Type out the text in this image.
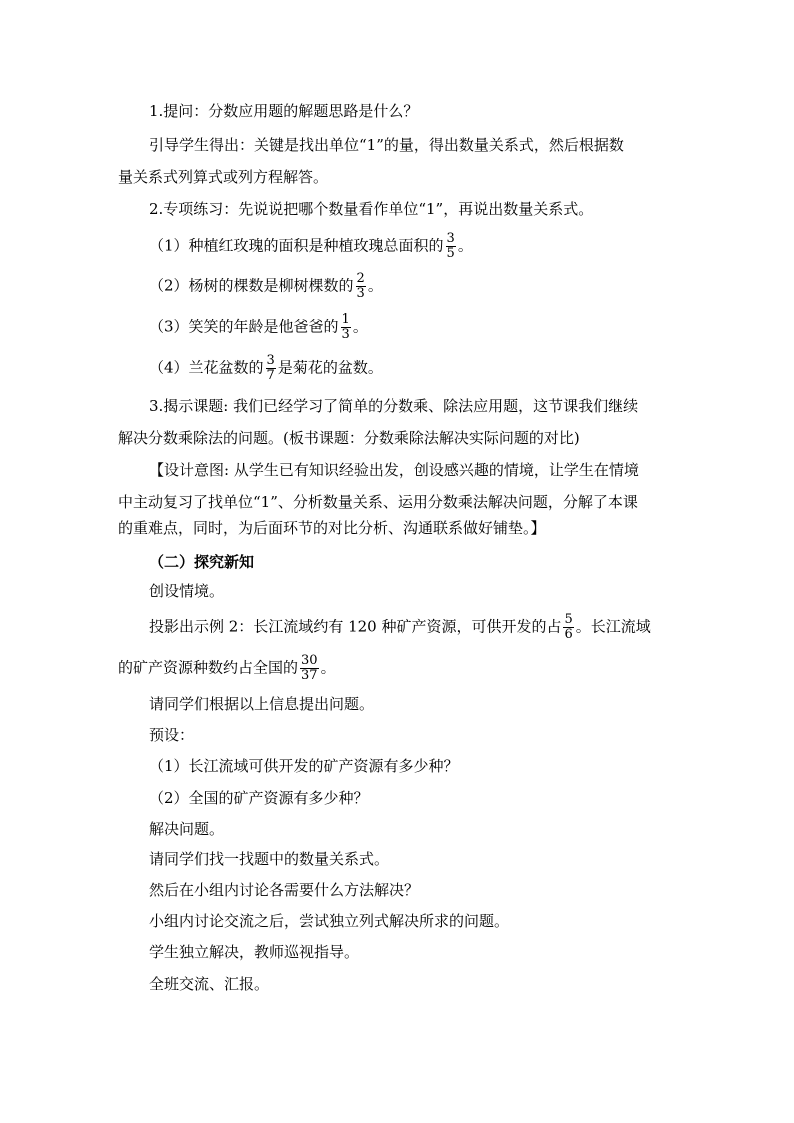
1.提问：分数应用题的解题思路是什么？
引导学生得出：关键是找出单位“1”的量，得出数量关系式，然后根据数
量关系式列算式或列方程解答。
2.专项练习：先说说把哪个数量看作单位“1”，再说出数量关系式。
（1）种植红玫瑰的面积是种植玫瑰总面积的 $\frac{3}{5}$ 。
（2）杨树的棵数是柳树棵数的 $\frac{2}{3}$ 。
（3）笑笑的年龄是他爸爸的 $\frac{1}{3}$ 。
（4）兰花盆数的 $\frac{3}{7}$ 是菊花的盆数。
3.揭示课题: 我们已经学习了简单的分数乘、除法应用题，这节课我们继续
解决分数乘除法的问题。(板书课题：分数乘除法解决实际问题的对比)
【设计意图: 从学生已有知识经验出发，创设感兴趣的情境，让学生在情境
中主动复习了找单位“1”、分析数量关系、运用分数乘法解决问题，分解了本课
的重难点，同时，为后面环节的对比分析、沟通联系做好铺垫。】
（二）探究新知
创设情境。
投影出示例 2：长江流域约有 120 种矿产资源，可供开发的占 $\frac{5}{6}$ 。长江流域
的矿产资源种数约占全国的 $\frac{30}{37}$ 。
请同学们根据以上信息提出问题。
预设：
（1）长江流域可供开发的矿产资源有多少种？
（2）全国的矿产资源有多少种？
解决问题。
请同学们找一找题中的数量关系式。
然后在小组内讨论各需要什么方法解决？
小组内讨论交流之后，尝试独立列式解决所求的问题。
学生独立解决，教师巡视指导。
全班交流、汇报。
